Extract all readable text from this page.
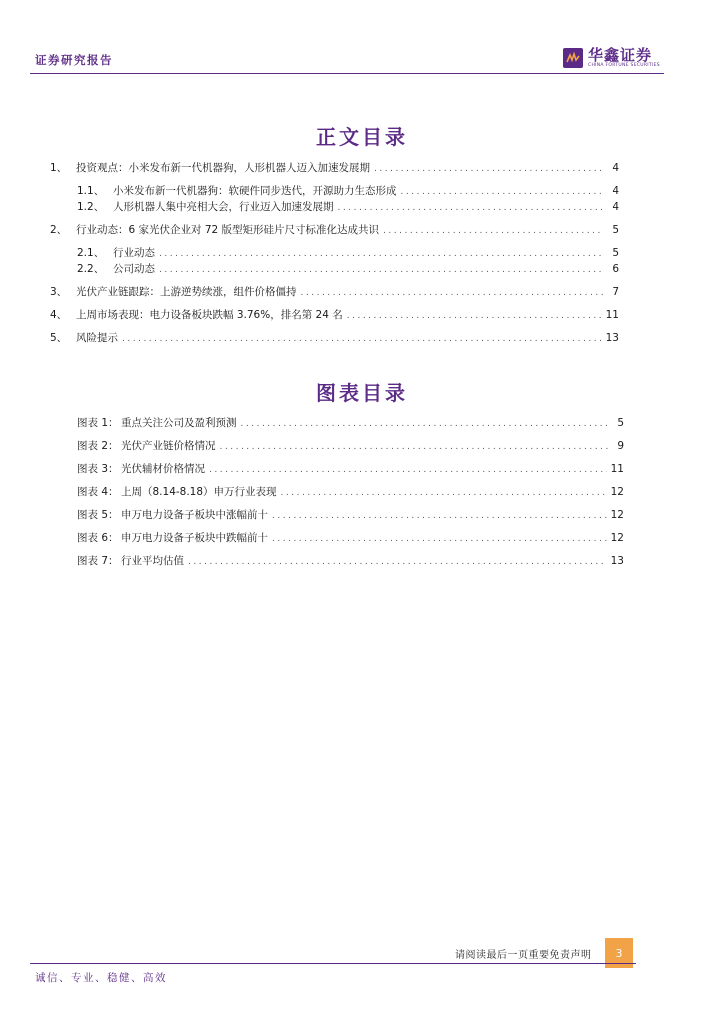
证券研究报告	华鑫证券
CHINA FORTUNE SECURITIES
正文目录
1、 投资观点：小米发布新一代机器狗，人形机器人迈入加速发展期 .....	4
1.1、 小米发布新一代机器狗：软硬件同步迭代，开源助力生态形成 .....	4
1.2、 人形机器人集中亮相大会，行业迈入加速发展期 .....	4
2、 行业动态：6 家光伏企业对 72 版型矩形硅片尺寸标准化达成共识 .....	5
2.1、 行业动态 .....	5
2.2、 公司动态 .....	6
3、 光伏产业链跟踪：上游逆势续涨，组件价格僵持 .....	7
4、 上周市场表现：电力设备板块跌幅 3.76%，排名第 24 名 .....	11
5、 风险提示 .....	13
图表目录
图表 1： 重点关注公司及盈利预测 .....	5
图表 2： 光伏产业链价格情况 .....	9
图表 3： 光伏辅材价格情况 .....	11
图表 4： 上周（8.14-8.18）申万行业表现 .....	12
图表 5： 申万电力设备子板块中涨幅前十 .....	12
图表 6： 申万电力设备子板块中跌幅前十 .....	12
图表 7： 行业平均估值 .....	13
请阅读最后一页重要免责声明	3
诚信、专业、稳健、高效
